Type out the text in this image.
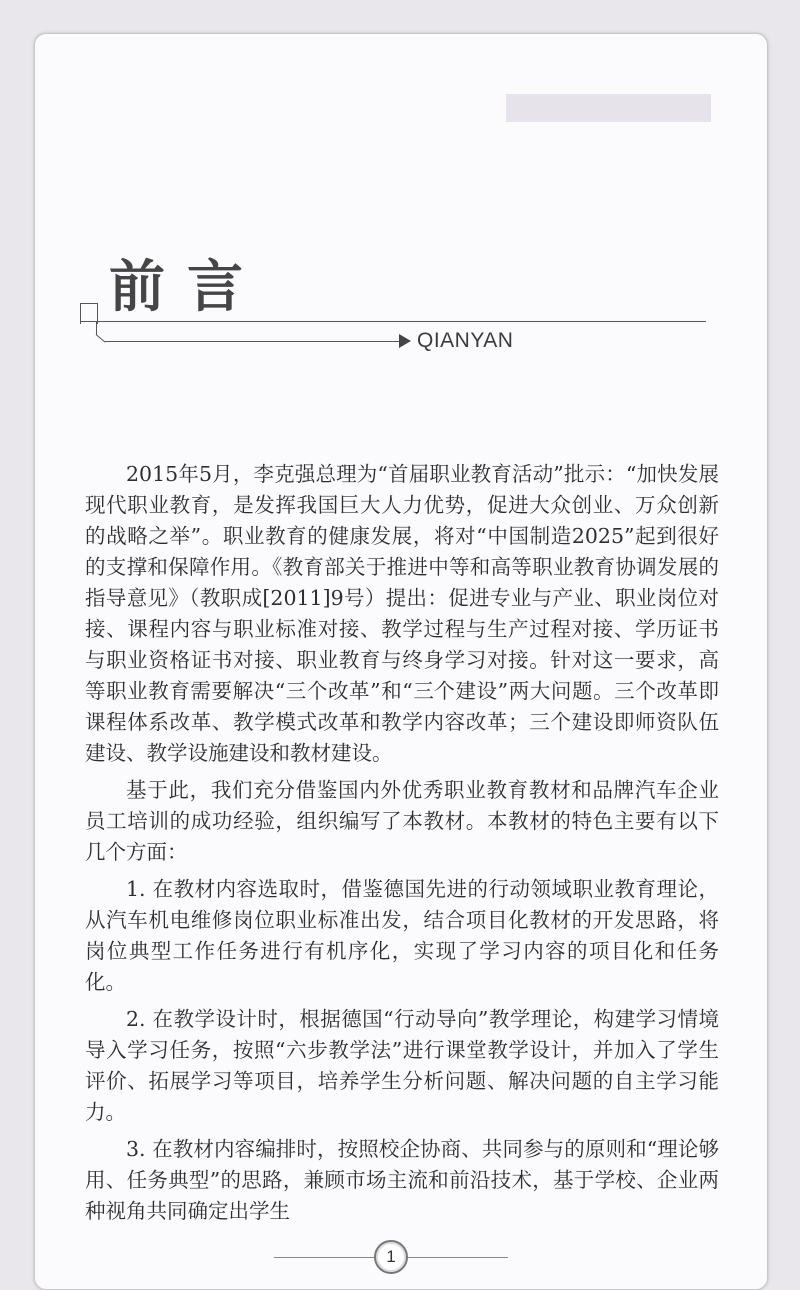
前言
QIANYAN

2015年5月，李克强总理为“首届职业教育活动”批示：“加快发展现代职业教育，是发挥我国巨大人力优势，促进大众创业、万众创新的战略之举”。职业教育的健康发展，将对“中国制造2025”起到很好的支撑和保障作用。《教育部关于推进中等和高等职业教育协调发展的指导意见》（教职成[2011]9号）提出：促进专业与产业、职业岗位对接、课程内容与职业标准对接、教学过程与生产过程对接、学历证书与职业资格证书对接、职业教育与终身学习对接。针对这一要求，高等职业教育需要解决“三个改革”和“三个建设”两大问题。三个改革即课程体系改革、教学模式改革和教学内容改革；三个建设即师资队伍建设、教学设施建设和教材建设。

基于此，我们充分借鉴国内外优秀职业教育教材和品牌汽车企业员工培训的成功经验，组织编写了本教材。本教材的特色主要有以下几个方面：

1. 在教材内容选取时，借鉴德国先进的行动领域职业教育理论，从汽车机电维修岗位职业标准出发，结合项目化教材的开发思路，将岗位典型工作任务进行有机序化，实现了学习内容的项目化和任务化。

2. 在教学设计时，根据德国“行动导向”教学理论，构建学习情境导入学习任务，按照“六步教学法”进行课堂教学设计，并加入了学生评价、拓展学习等项目，培养学生分析问题、解决问题的自主学习能力。

3. 在教材内容编排时，按照校企协商、共同参与的原则和“理论够用、任务典型”的思路，兼顾市场主流和前沿技术，基于学校、企业两种视角共同确定出学生

1
